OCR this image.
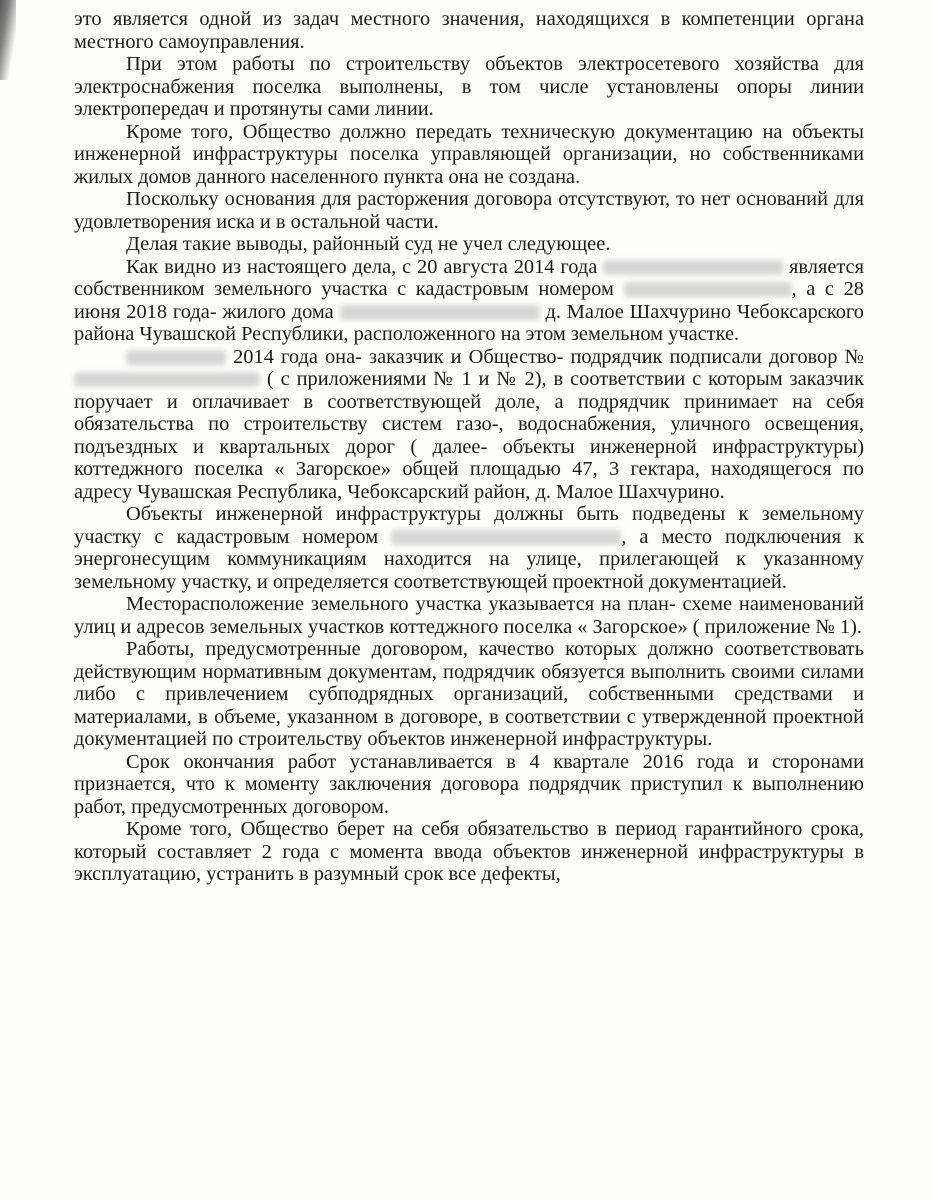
это является одной из задач местного значения, находящихся в компетенции органа местного самоуправления.

При этом работы по строительству объектов электросетевого хозяйства для электроснабжения поселка выполнены, в том числе установлены опоры линии электропередач и протянуты сами линии.

Кроме того, Общество должно передать техническую документацию на объекты инженерной инфраструктуры поселка управляющей организации, но собственниками жилых домов данного населенного пункта она не создана.

Поскольку основания для расторжения договора отсутствуют, то нет оснований для удовлетворения иска и в остальной части.

Делая такие выводы, районный суд не учел следующее.

Как видно из настоящего дела, с 20 августа 2014 года	является собственником земельного участка с кадастровым номером	, а с 28 июня 2018 года- жилого дома	д. Малое Шахчурино Чебоксарского района Чувашской Республики, расположенного на этом земельном участке.

2014 года она- заказчик и Общество- подрядчик подписали договор №  ( с приложениями № 1 и № 2), в соответствии с которым заказчик поручает и оплачивает в соответствующей доле, а подрядчик принимает на себя обязательства по строительству систем газо-, водоснабжения, уличного освещения, подъездных и квартальных дорог ( далее- объекты инженерной инфраструктуры) коттеджного поселка « Загорское» общей площадью 47, 3 гектара, находящегося по адресу Чувашская Республика, Чебоксарский район, д. Малое Шахчурино.

Объекты инженерной инфраструктуры должны быть подведены к земельному участку с кадастровым номером	, а место подключения к энергонесущим коммуникациям находится на улице, прилегающей к указанному земельному участку, и определяется соответствующей проектной документацией.

Месторасположение земельного участка указывается на план- схеме наименований улиц и адресов земельных участков коттеджного поселка « Загорское» ( приложение № 1).

Работы, предусмотренные договором, качество которых должно соответствовать действующим нормативным документам, подрядчик обязуется выполнить своими силами либо с привлечением субподрядных организаций, собственными средствами и материалами, в объеме, указанном в договоре, в соответствии с утвержденной проектной документацией по строительству объектов инженерной инфраструктуры.

Срок окончания работ устанавливается в 4 квартале 2016 года и сторонами признается, что к моменту заключения договора подрядчик приступил к выполнению работ, предусмотренных договором.

Кроме того, Общество берет на себя обязательство в период гарантийного срока, который составляет 2 года с момента ввода объектов инженерной инфраструктуры в эксплуатацию, устранить в разумный срок все дефекты,
